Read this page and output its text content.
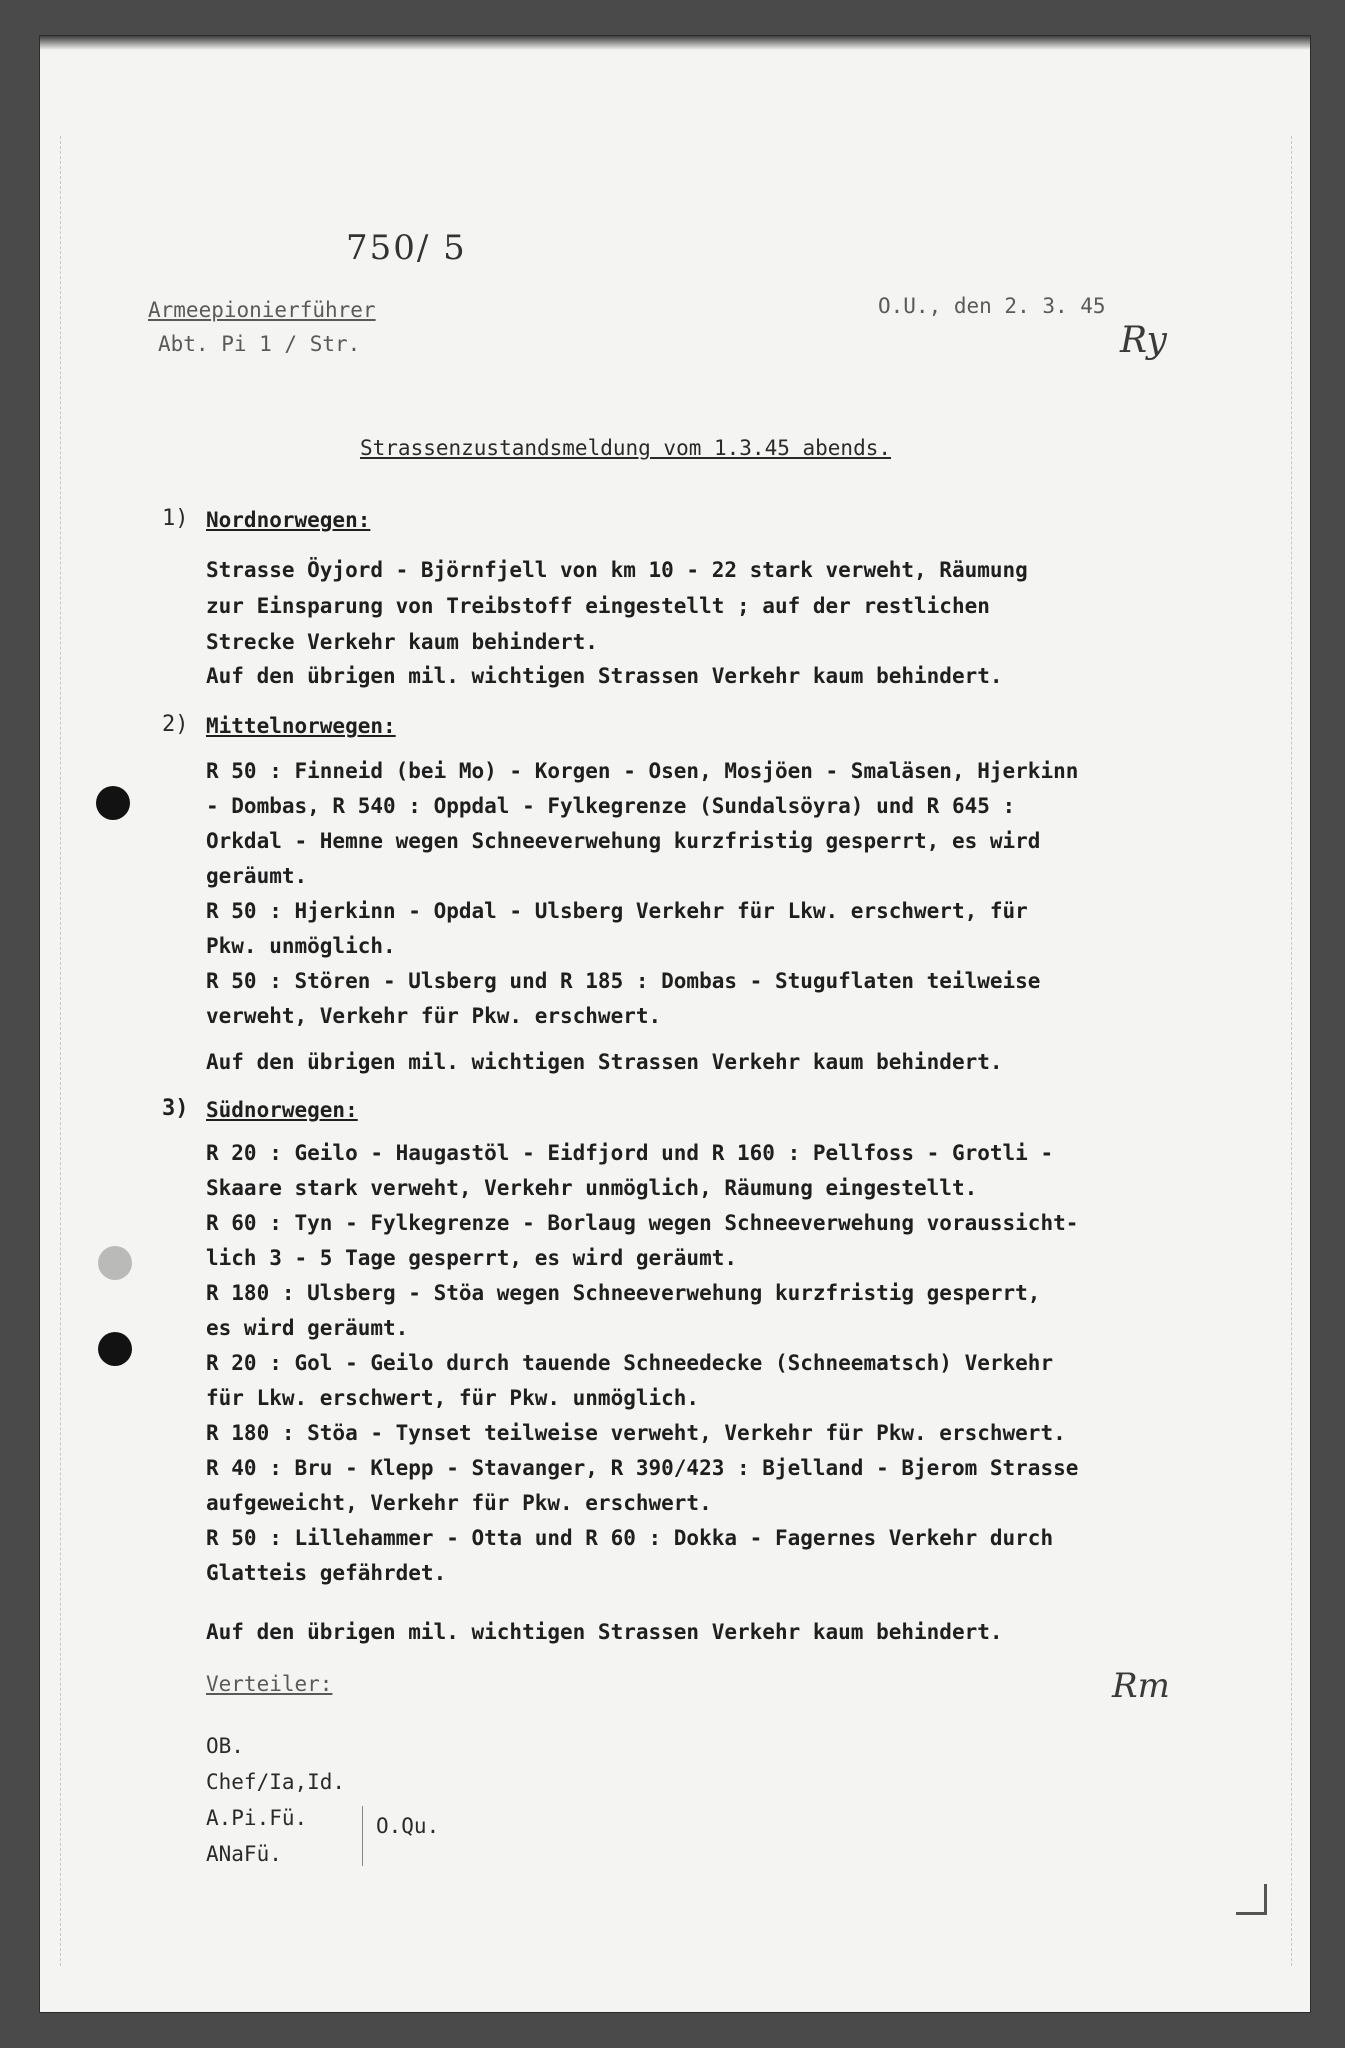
750/ 5
Armeepionierführer
Abt. Pi 1 / Str.
O.U., den 2. 3. 45
Ry
Strassenzustandsmeldung vom 1.3.45 abends.
1) Nordnorwegen:
Strasse Öyjord - Björnfjell von km 10 - 22 stark verweht, Räumung
zur Einsparung von Treibstoff eingestellt ; auf der restlichen
Strecke Verkehr kaum behindert.
Auf den übrigen mil. wichtigen Strassen Verkehr kaum behindert.
2) Mittelnorwegen:
R 50 : Finneid (bei Mo) - Korgen - Osen, Mosjöen - Smaläsen, Hjerkinn
- Dombas, R 540 : Oppdal - Fylkegrenze (Sundalsöyra) und R 645 :
Orkdal - Hemne wegen Schneeverwehung kurzfristig gesperrt, es wird
geräumt.
R 50 : Hjerkinn - Opdal - Ulsberg Verkehr für Lkw. erschwert, für
Pkw. unmöglich.
R 50 : Stören - Ulsberg und R 185 : Dombas - Stuguflaten teilweise
verweht, Verkehr für Pkw. erschwert.
Auf den übrigen mil. wichtigen Strassen Verkehr kaum behindert.
3) Südnorwegen:
R 20 : Geilo - Haugastöl - Eidfjord und R 160 : Pellfoss - Grotli -
Skaare stark verweht, Verkehr unmöglich, Räumung eingestellt.
R 60 : Tyn - Fylkegrenze - Borlaug wegen Schneeverwehung voraussicht-
lich 3 - 5 Tage gesperrt, es wird geräumt.
R 180 : Ulsberg - Stöa wegen Schneeverwehung kurzfristig gesperrt,
es wird geräumt.
R 20 : Gol - Geilo durch tauende Schneedecke (Schneematsch) Verkehr
für Lkw. erschwert, für Pkw. unmöglich.
R 180 : Stöa - Tynset teilweise verweht, Verkehr für Pkw. erschwert.
R 40 : Bru - Klepp - Stavanger, R 390/423 : Bjelland - Bjerom Strasse
aufgeweicht, Verkehr für Pkw. erschwert.
R 50 : Lillehammer - Otta und R 60 : Dokka - Fagernes Verkehr durch
Glatteis gefährdet.
Auf den übrigen mil. wichtigen Strassen Verkehr kaum behindert.
Verteiler:	Rm
OB.
Chef/Ia,Id.
A.Pi.Fü.
ANaFü.
O.Qu.
